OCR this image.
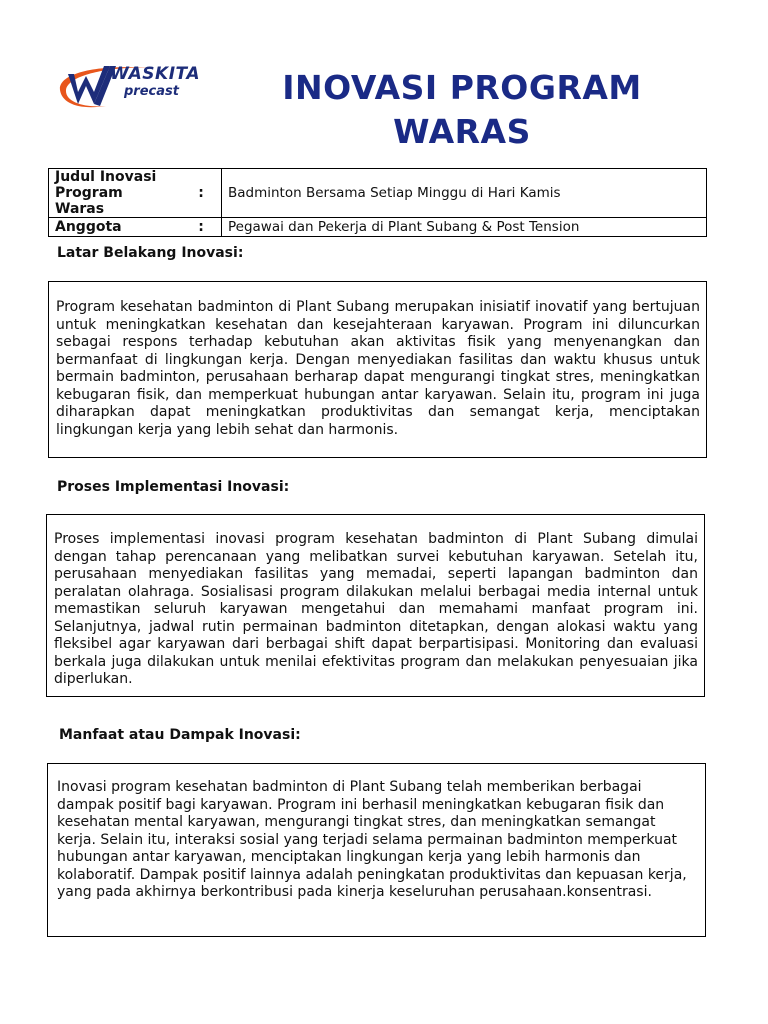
WASKITA
precast	INOVASI PROGRAM
WARAS
Judul Inovasi Program Waras	:	Badminton Bersama Setiap Minggu di Hari Kamis
Anggota	:	Pegawai dan Pekerja di Plant Subang & Post Tension
Latar Belakang Inovasi:

Program kesehatan badminton di Plant Subang merupakan inisiatif inovatif yang bertujuan untuk meningkatkan kesehatan dan kesejahteraan karyawan. Program ini diluncurkan sebagai respons terhadap kebutuhan akan aktivitas fisik yang menyenangkan dan bermanfaat di lingkungan kerja. Dengan menyediakan fasilitas dan waktu khusus untuk bermain badminton, perusahaan berharap dapat mengurangi tingkat stres, meningkatkan kebugaran fisik, dan memperkuat hubungan antar karyawan. Selain itu, program ini juga diharapkan dapat meningkatkan produktivitas dan semangat kerja, menciptakan lingkungan kerja yang lebih sehat dan harmonis.

Proses Implementasi Inovasi:

Proses implementasi inovasi program kesehatan badminton di Plant Subang dimulai dengan tahap perencanaan yang melibatkan survei kebutuhan karyawan. Setelah itu, perusahaan menyediakan fasilitas yang memadai, seperti lapangan badminton dan peralatan olahraga. Sosialisasi program dilakukan melalui berbagai media internal untuk memastikan seluruh karyawan mengetahui dan memahami manfaat program ini. Selanjutnya, jadwal rutin permainan badminton ditetapkan, dengan alokasi waktu yang fleksibel agar karyawan dari berbagai shift dapat berpartisipasi. Monitoring dan evaluasi berkala juga dilakukan untuk menilai efektivitas program dan melakukan penyesuaian jika diperlukan.

Manfaat atau Dampak Inovasi:

Inovasi program kesehatan badminton di Plant Subang telah memberikan berbagai dampak positif bagi karyawan. Program ini berhasil meningkatkan kebugaran fisik dan kesehatan mental karyawan, mengurangi tingkat stres, dan meningkatkan semangat kerja. Selain itu, interaksi sosial yang terjadi selama permainan badminton memperkuat hubungan antar karyawan, menciptakan lingkungan kerja yang lebih harmonis dan kolaboratif. Dampak positif lainnya adalah peningkatan produktivitas dan kepuasan kerja, yang pada akhirnya berkontribusi pada kinerja keseluruhan perusahaan.konsentrasi.
